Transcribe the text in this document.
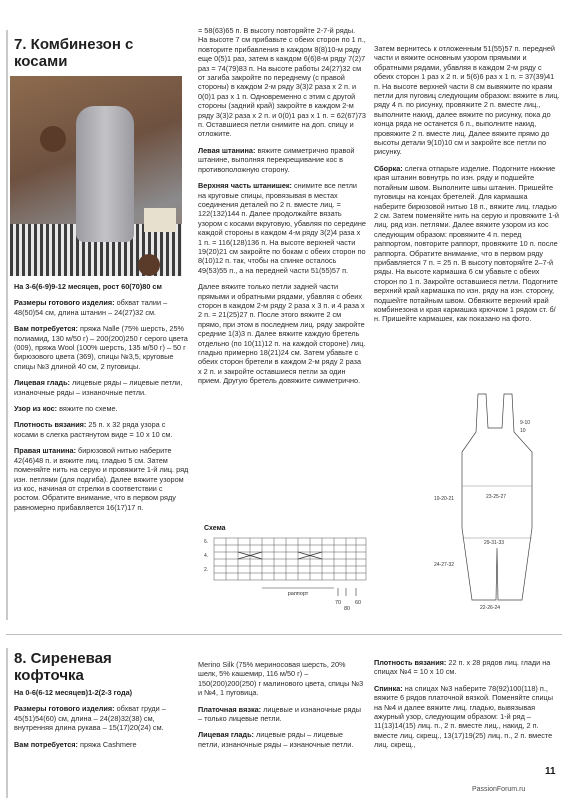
7. Комбинезон с косами

На 3-6(6-9)9-12 месяцев, рост 60(70)80 см

Размеры готового изделия: обхват талии – 48(50)54 см, длина штанин – 24(27)32 см.

Вам потребуется: пряжа Nalle (75% шерсть, 25% полиамид, 130 м/50 г) – 200(200)250 г серого цвета (009), пряжа Wool (100% шерсть, 135 м/50 г) – 50 г бирюзового цвета (369), спицы №3,5, круговые спицы №3 длиной 40 см, 2 пуговицы.

Лицевая гладь: лицевые ряды – лицевые петли, изнаночные ряды – изнаночные петли.

Узор из кос: вяжите по схеме.

Плотность вязания: 25 п. x 32 ряда узора с косами в слегка растянутом виде = 10 x 10 см.

Правая штанина: бирюзовой нитью наберите 42(46)48 п. и вяжите лиц. гладью 5 см. Затем поменяйте нить на серую и провяжите 1-й лиц. ряд изн. петлями (для подгиба). Далее вяжите узором из кос, начиная от стрелки в соответствии с ростом. Обратите внимание, что в первом ряду равномерно прибавляется 16(17)17 п.

= 58(63)65 п. В высоту повторяйте 2-7-й ряды. На высоте 7 см прибавьте с обеих сторон по 1 п., повторите прибавления в каждом 8(8)10-м ряду еще 0(5)1 раз, затем в каждом 6(6)8-м ряду 7(2)7 раз = 74(79)83 п. На высоте работы 24(27)32 см от загиба закройте по переднему (с правой стороны) в каждом 2-м ряду 3(3)2 раза x 2 п. и 0(0)1 раз x 1 п. Одновременно с этим с другой стороны (задний край) закройте в каждом 2-м ряду 3(3)2 раза x 2 п. и 0(0)1 раз x 1 п. = 62(67)73 п. Оставшиеся петли снимите на доп. спицу и отложите.

Левая штанина: вяжите симметрично правой штанине, выполняя перекрещивание кос в противоположную сторону.

Верхняя часть штанишек: снимите все петли на круговые спицы, провязывая в местах соединения деталей по 2 п. вместе лиц. = 122(132)144 п. Далее продолжайте вязать узором с косами вкруговую, убавляя по середине каждой стороны в каждом 4-м ряду 3(2)4 раза x 1 п. = 116(128)136 п. На высоте верхней части 19(20)21 см закройте по бокам с обеих сторон по 8(10)12 п. так, чтобы на спинке осталось 49(53)55 п., а на передней части 51(55)57 п.

Далее вяжите только петли задней части прямыми и обратными рядами, убавляя с обеих сторон в каждом 2-м ряду 2 раза x 3 п. и 4 раза x 2 п. = 21(25)27 п. После этого вяжите 2 см прямо, при этом в последнем лиц. ряду закройте средние 1(3)3 п. Далее вяжите каждую бретель отдельно (по 10(11)12 п. на каждой стороне) лиц. гладью примерно 18(21)24 см. Затем убавьте с обеих сторон бретели в каждом 2-м ряду 2 раза x 2 п. и закройте оставшиеся петли за один прием. Другую бретель довяжите симметрично.

Затем вернитесь к отложенным 51(55)57 п. передней части и вяжите основным узором прямыми и обратными рядами, убавляя в каждом 2-м ряду с обеих сторон 1 раз x 2 п. и 5(6)6 раз x 1 п. = 37(39)41 п. На высоте верхней части 8 см вывяжите по краям петли для пуговиц следующим образом: вяжите в лиц. ряду 4 п. по рисунку, провяжите 2 п. вместе лиц., выполните накид, далее вяжите по рисунку, пока до конца ряда не останется 6 п., выполните накид, провяжите 2 п. вместе лиц. Далее вяжите прямо до высоты детали 9(10)10 см и закройте все петли по рисунку.

Сборка: слегка отпарьте изделие. Подогните нижние края штанин вовнутрь по изн. ряду и подшейте потайным швом. Выполните швы штанин. Пришейте пуговицы на концах бретелей. Для кармашка наберите бирюзовой нитью 18 п., вяжите лиц. гладью 2 см. Затем поменяйте нить на серую и провяжите 1-й лиц. ряд изн. петлями. Далее вяжите узором из кос следующим образом: провяжите 4 п. перед раппортом, повторите раппорт, провяжите 10 п. после раппорта. Обратите внимание, что в первом ряду прибавляется 7 п. = 25 п. В высоту повторяйте 2–7-й ряды. На высоте кармашка 6 см убавьте с обеих сторон по 1 п. Закройте оставшиеся петли. Подогните верхний край кармашка по изн. ряду на изн. сторону, подшейте потайным швом. Обвяжите верхний край комбинезона и края кармашка крючком 1 рядом ст. б/н. Пришейте кармашек, как показано на фото.

Схема
6.
4.
2.
раппорт
70
80
60
9-10
10
23-25-27
19-20-21
29-31-33
24-27-32
22-26-24
8. Сиреневая кофточка

На 0-6(6-12 месяцев)1-2(2-3 года)

Размеры готового изделия: обхват груди – 45(51)54(60) см, длина – 24(28)32(38) см, внутренняя длина рукава – 15(17)20(24) см.

Вам потребуется: пряжа Cashmere

Merino Silk (75% мериносовая шерсть, 20% шелк, 5% кашемир, 116 м/50 г) – 150(200)200(250) г малинового цвета, спицы №3 и №4, 1 пуговица.

Платочная вязка: лицевые и изнаночные ряды – только лицевые петли.

Лицевая гладь: лицевые ряды – лицевые петли, изнаночные ряды – изнаночные петли.

Плотность вязания: 22 п. x 28 рядов лиц. глади на спицах №4 = 10 x 10 см.

Спинка: на спицах №3 наберите 78(92)100(118) п., вяжите 6 рядов платочной вязкой. Поменяйте спицы на №4 и далее вяжите лиц. гладью, вывязывая ажурный узор, следующим образом: 1-й ряд – 11(13)14(15) лиц. п., 2 п. вместе лиц., накид, 2 п. вместе лиц. скрещ., 13(17)19(25) лиц. п., 2 п. вместе лиц. скрещ.,

11
PassionForum.ru
